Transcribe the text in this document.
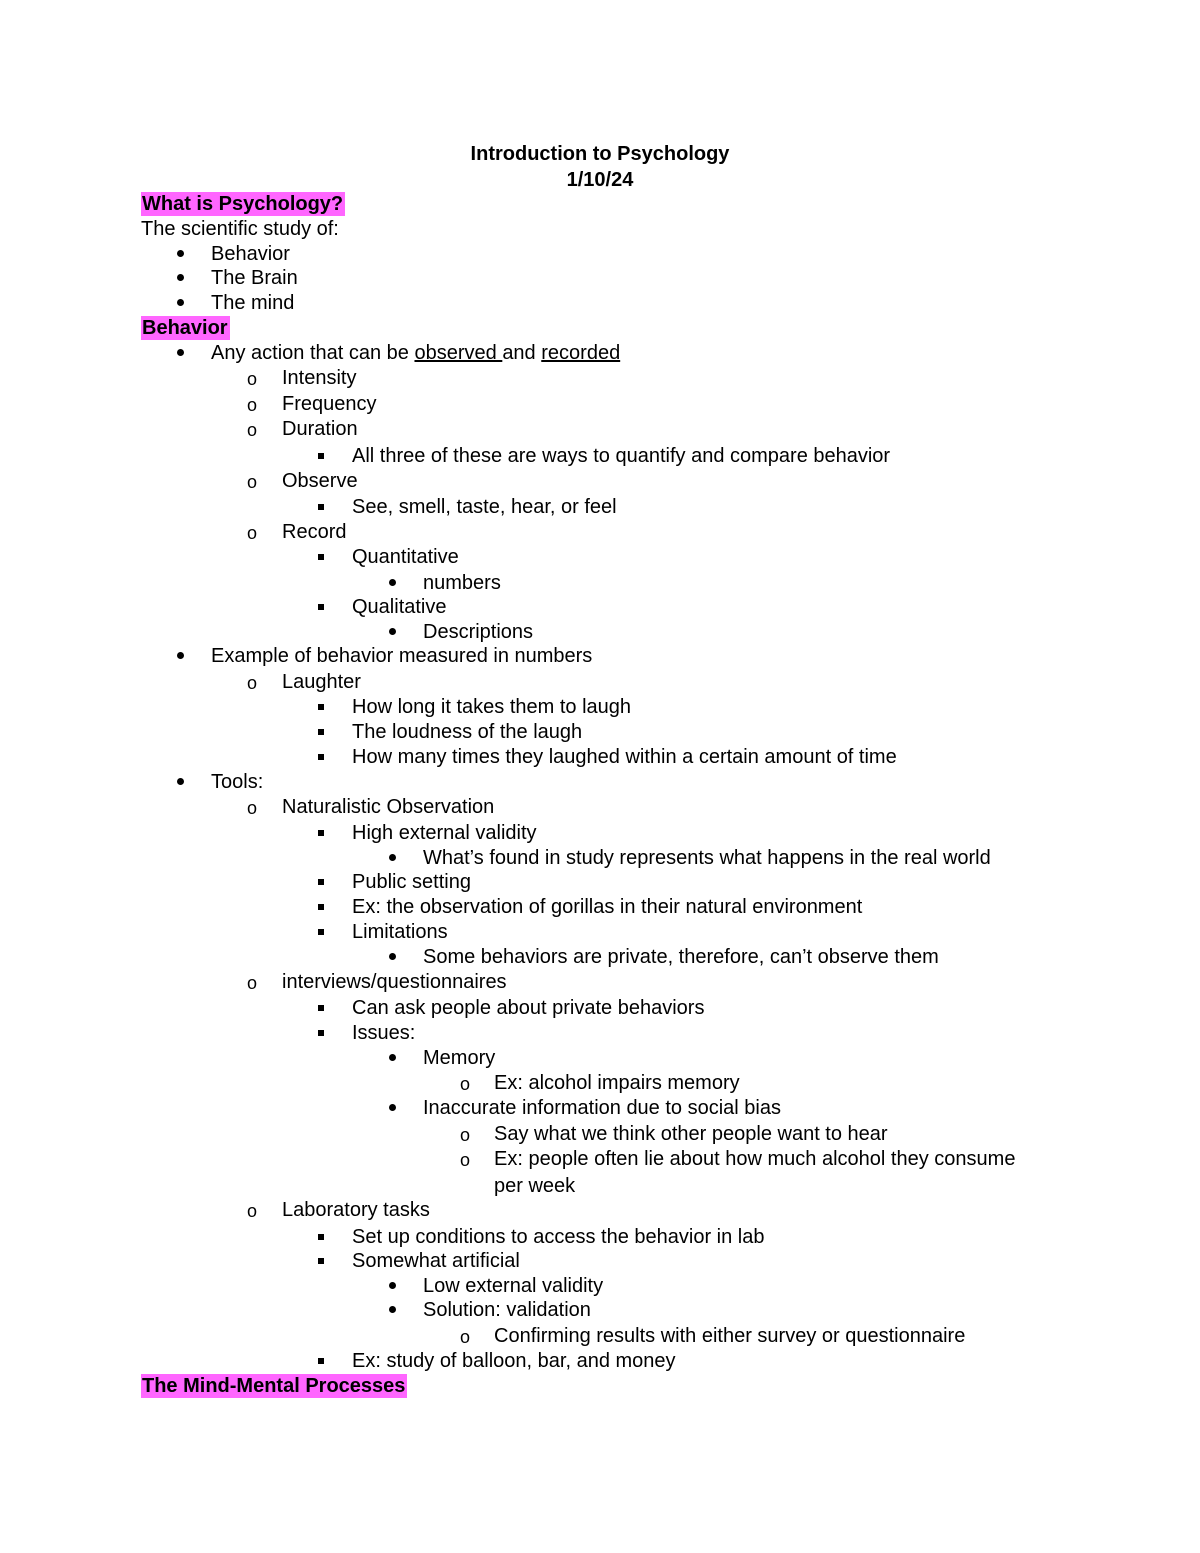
Introduction to Psychology
1/10/24
What is Psychology?
The scientific study of:
Behavior
The Brain
The mind
Behavior
Any action that can be observed and recorded
o Intensity
o Frequency
o Duration
All three of these are ways to quantify and compare behavior
o Observe
See, smell, taste, hear, or feel
o Record
Quantitative
numbers
Qualitative
Descriptions
Example of behavior measured in numbers
o Laughter
How long it takes them to laugh
The loudness of the laugh
How many times they laughed within a certain amount of time
Tools:
o Naturalistic Observation
High external validity
What’s found in study represents what happens in the real world
Public setting
Ex: the observation of gorillas in their natural environment
Limitations
Some behaviors are private, therefore, can’t observe them
o interviews/questionnaires
Can ask people about private behaviors
Issues:
Memory
o Ex: alcohol impairs memory
Inaccurate information due to social bias
o Say what we think other people want to hear
o Ex: people often lie about how much alcohol they consume
per week
o Laboratory tasks
Set up conditions to access the behavior in lab
Somewhat artificial
Low external validity
Solution: validation
o Confirming results with either survey or questionnaire
Ex: study of balloon, bar, and money
The Mind-Mental Processes
